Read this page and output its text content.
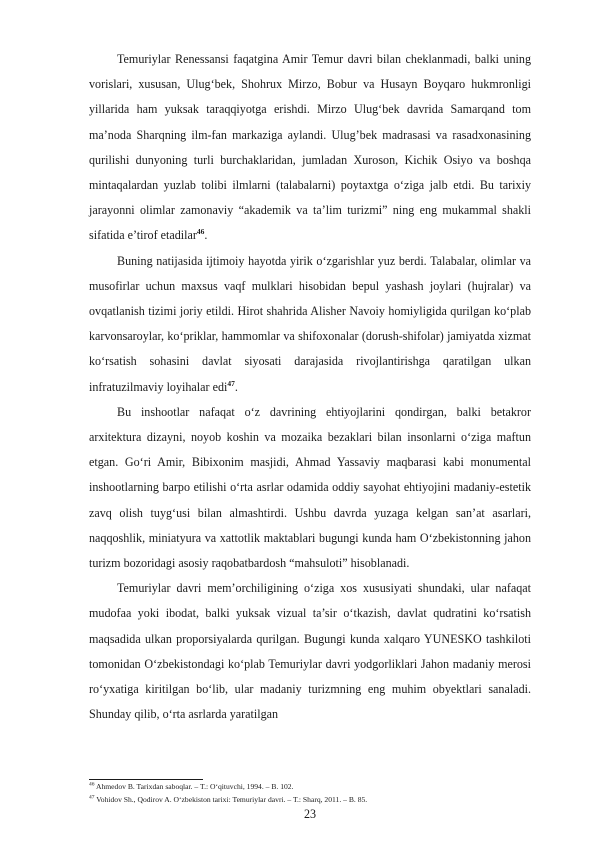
Temuriylar Renessansi faqatgina Amir Temur davri bilan cheklanmadi, balki uning vorislari, xususan, Ulug‘bek, Shohrux Mirzo, Bobur va Husayn Boyqaro hukmronligi yillarida ham yuksak taraqqiyotga erishdi. Mirzo Ulug‘bek davrida Samarqand tom ma’noda Sharqning ilm-fan markaziga aylandi. Ulug’bek madrasasi va rasadxonasining qurilishi dunyoning turli burchaklaridan, jumladan Xuroson, Kichik Osiyo va boshqa mintaqalardan yuzlab tolibi ilmlarni (talabalarni) poytaxtga o‘ziga jalb etdi. Bu tarixiy jarayonni olimlar zamonaviy “akademik va ta’lim turizmi” ning eng mukammal shakli sifatida e’tirof etadilar$^{46}$.

Buning natijasida ijtimoiy hayotda yirik o‘zgarishlar yuz berdi. Talabalar, olimlar va musofirlar uchun maxsus vaqf mulklari hisobidan bepul yashash joylari (hujralar) va ovqatlanish tizimi joriy etildi. Hirot shahrida Alisher Navoiy homiyligida qurilgan ko‘plab karvonsaroylar, ko‘priklar, hammomlar va shifoxonalar (dorush-shifolar) jamiyatda xizmat ko‘rsatish sohasini davlat siyosati darajasida rivojlantirishga qaratilgan ulkan infratuzilmaviy loyihalar edi$^{47}$.

Bu inshootlar nafaqat o‘z davrining ehtiyojlarini qondirgan, balki betakror arxitektura dizayni, noyob koshin va mozaika bezaklari bilan insonlarni o‘ziga maftun etgan. Go‘ri Amir, Bibixonim masjidi, Ahmad Yassaviy maqbarasi kabi monumental inshootlarning barpo etilishi o‘rta asrlar odamida oddiy sayohat ehtiyojini madaniy-estetik zavq olish tuyg‘usi bilan almashtirdi. Ushbu davrda yuzaga kelgan san’at asarlari, naqqoshlik, miniatyura va xattotlik maktablari bugungi kunda ham O‘zbekistonning jahon turizm bozoridagi asosiy raqobatbardosh “mahsuloti” hisoblanadi.

Temuriylar davri mem’orchiligining o‘ziga xos xususiyati shundaki, ular nafaqat mudofaa yoki ibodat, balki yuksak vizual ta’sir o‘tkazish, davlat qudratini ko‘rsatish maqsadida ulkan proporsiyalarda qurilgan. Bugungi kunda xalqaro YUNESKO tashkiloti tomonidan O‘zbekistondagi ko‘plab Temuriylar davri yodgorliklari Jahon madaniy merosi ro‘yxatiga kiritilgan bo‘lib, ular madaniy turizmning eng muhim obyektlari sanaladi. Shunday qilib, o‘rta asrlarda yaratilgan

$^{46}$ Ahmedov B. Tarixdan saboqlar. – T.: O‘qituvchi, 1994. – B. 102.
$^{47}$ Vohidov Sh., Qodirov A. O‘zbekiston tarixi: Temuriylar davri. – T.: Sharq, 2011. – B. 85.
23
